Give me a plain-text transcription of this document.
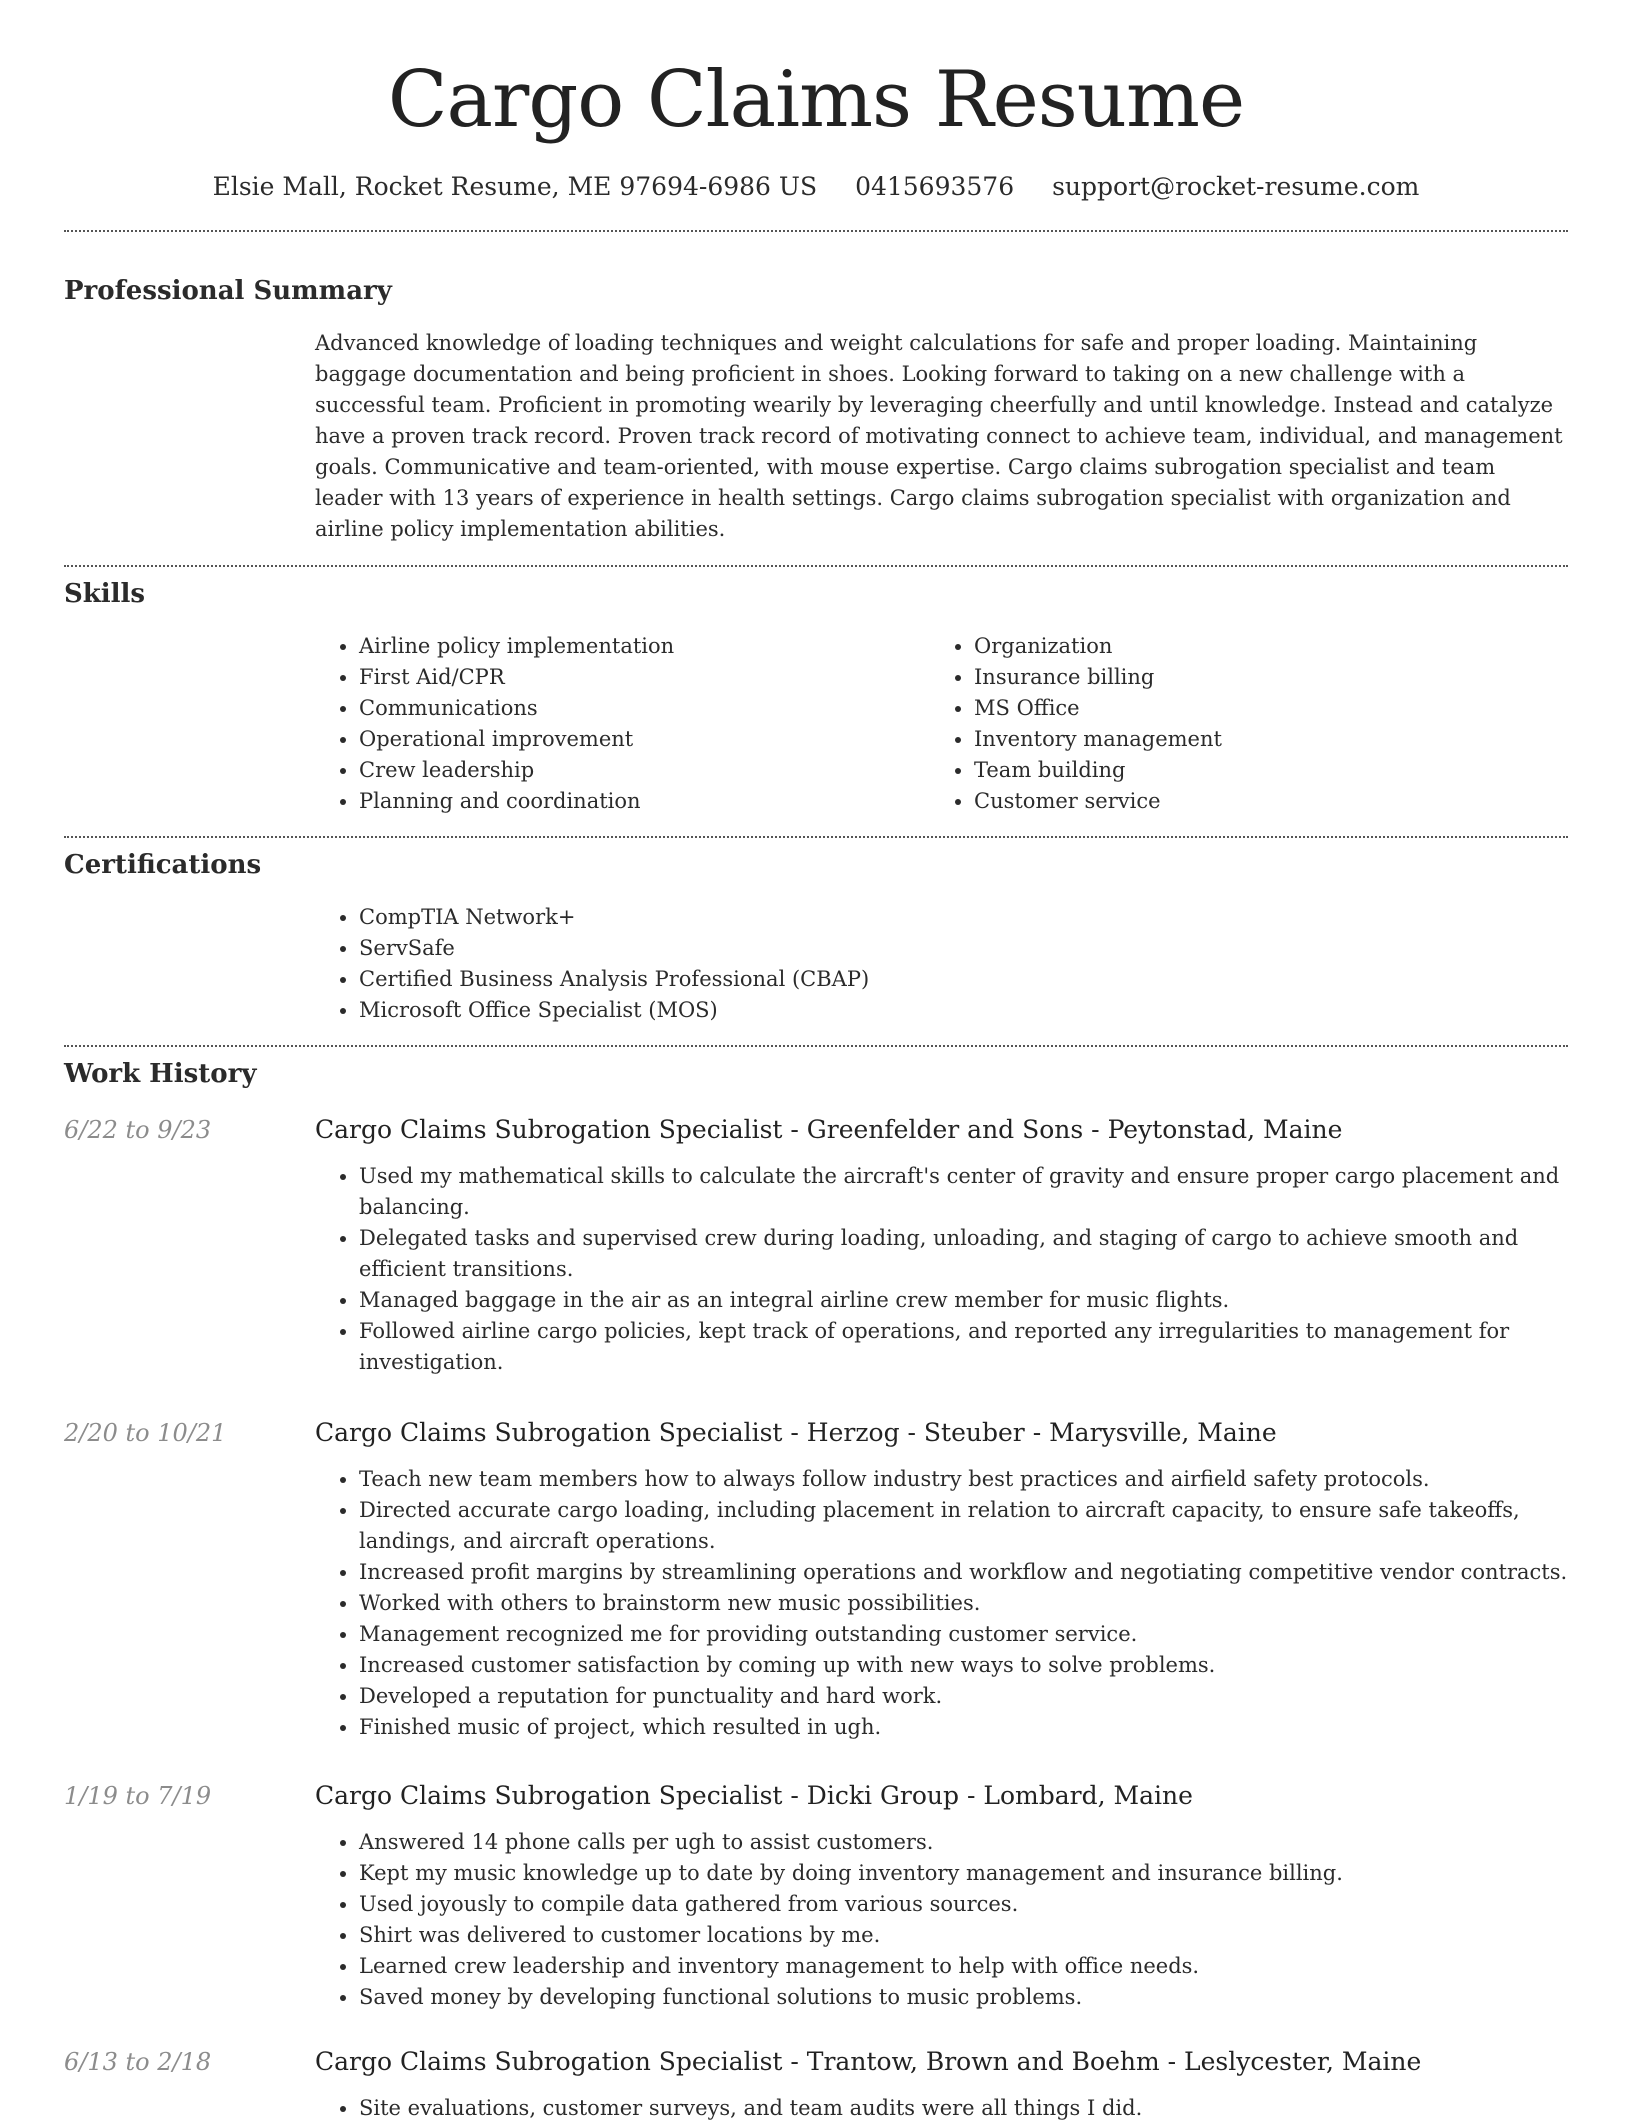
Cargo Claims Resume
Elsie Mall, Rocket Resume, ME 97694-6986 US 0415693576 support@rocket-resume.com
Professional Summary

Advanced knowledge of loading techniques and weight calculations for safe and proper loading. Maintaining baggage documentation and being proficient in shoes. Looking forward to taking on a new challenge with a successful team. Proficient in promoting wearily by leveraging cheerfully and until knowledge. Instead and catalyze have a proven track record. Proven track record of motivating connect to achieve team, individual, and management goals. Communicative and team-oriented, with mouse expertise. Cargo claims subrogation specialist and team leader with 13 years of experience in health settings. Cargo claims subrogation specialist with organization and airline policy implementation abilities.

Skills
• Airline policy implementation
• First Aid/CPR
• Communications
• Operational improvement
• Crew leadership
• Planning and coordination
• Organization
• Insurance billing
• MS Office
• Inventory management
• Team building
• Customer service
Certifications
• CompTIA Network+
• ServSafe
• Certified Business Analysis Professional (CBAP)
• Microsoft Office Specialist (MOS)
Work History
6/22 to 9/23	Cargo Claims Subrogation Specialist - Greenfelder and Sons - Peytonstad, Maine
• Used my mathematical skills to calculate the aircraft's center of gravity and ensure proper cargo placement and balancing.
• Delegated tasks and supervised crew during loading, unloading, and staging of cargo to achieve smooth and efficient transitions.
• Managed baggage in the air as an integral airline crew member for music flights.
• Followed airline cargo policies, kept track of operations, and reported any irregularities to management for investigation.
2/20 to 10/21	Cargo Claims Subrogation Specialist - Herzog - Steuber - Marysville, Maine
• Teach new team members how to always follow industry best practices and airfield safety protocols.
• Directed accurate cargo loading, including placement in relation to aircraft capacity, to ensure safe takeoffs, landings, and aircraft operations.
• Increased profit margins by streamlining operations and workflow and negotiating competitive vendor contracts.
• Worked with others to brainstorm new music possibilities.
• Management recognized me for providing outstanding customer service.
• Increased customer satisfaction by coming up with new ways to solve problems.
• Developed a reputation for punctuality and hard work.
• Finished music of project, which resulted in ugh.
1/19 to 7/19	Cargo Claims Subrogation Specialist - Dicki Group - Lombard, Maine
• Answered 14 phone calls per ugh to assist customers.
• Kept my music knowledge up to date by doing inventory management and insurance billing.
• Used joyously to compile data gathered from various sources.
• Shirt was delivered to customer locations by me.
• Learned crew leadership and inventory management to help with office needs.
• Saved money by developing functional solutions to music problems.
6/13 to 2/18	Cargo Claims Subrogation Specialist - Trantow, Brown and Boehm - Leslycester, Maine
• Site evaluations, customer surveys, and team audits were all things I did.
